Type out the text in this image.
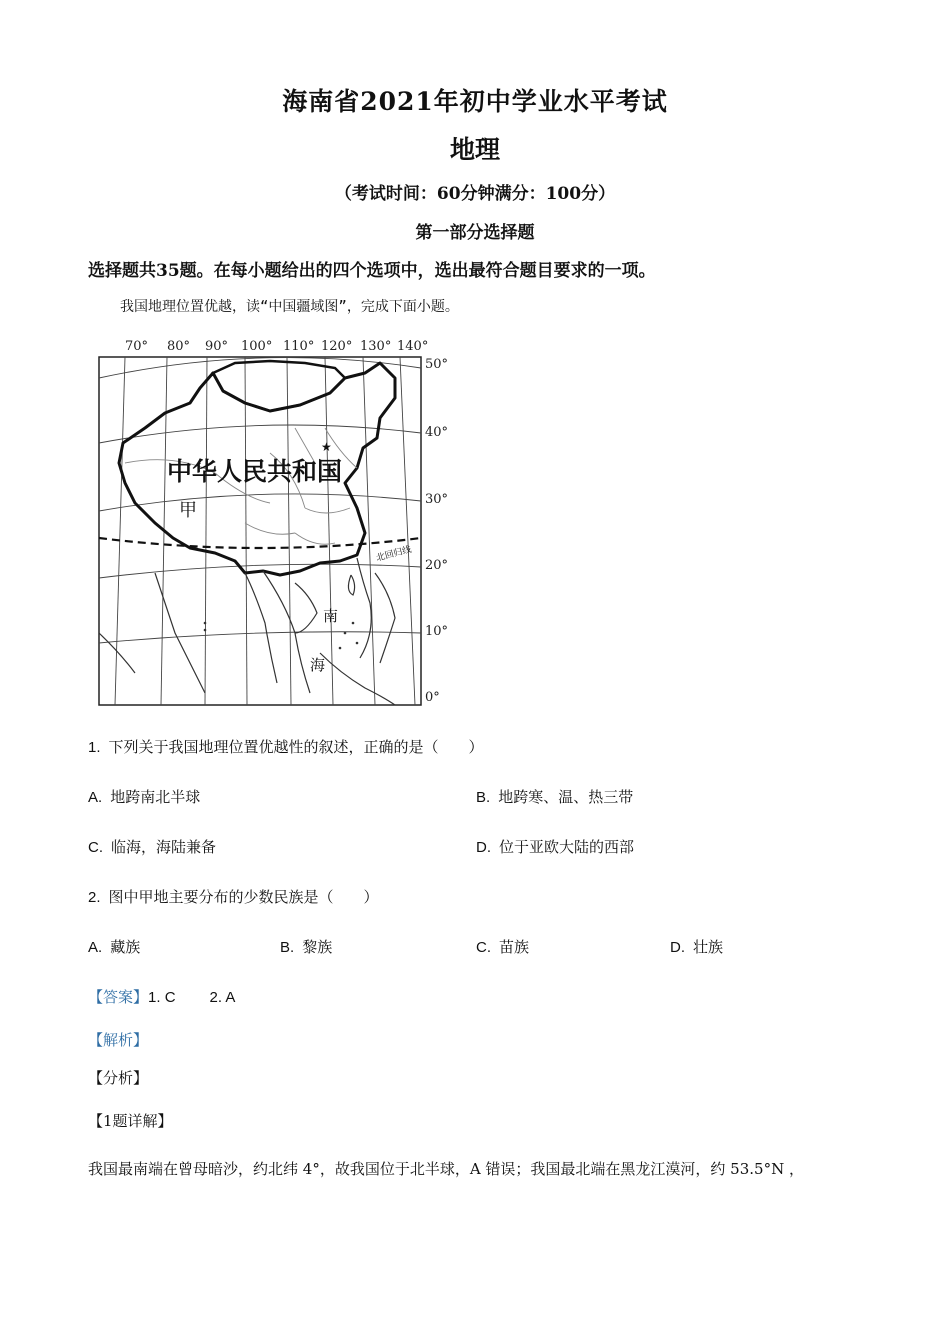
海南省2021年初中学业水平考试
地理
（考试时间：60分钟满分：100分）
第一部分选择题
选择题共35题。在每小题给出的四个选项中，选出最符合题目要求的一项。
我国地理位置优越，读“中国疆域图”，完成下面小题。
70° 80° 90° 100° 110° 120° 130° 140°
50°
40°
30°
20°
10°
0°
北回归线
★
中华人民共和国
甲
南
海
1. 下列关于我国地理位置优越性的叙述，正确的是（　　）
A. 地跨南北半球	B. 地跨寒、温、热三带
C. 临海，海陆兼备	D. 位于亚欧大陆的西部
2. 图中甲地主要分布的少数民族是（　　）
A. 藏族	B. 黎族	C. 苗族	D. 壮族
【答案】1. C 2. A
【解析】
【分析】
【1题详解】
我国最南端在曾母暗沙，约北纬 4°，故我国位于北半球，A 错误；我国最北端在黑龙江漠河，约 53.5°N ，
